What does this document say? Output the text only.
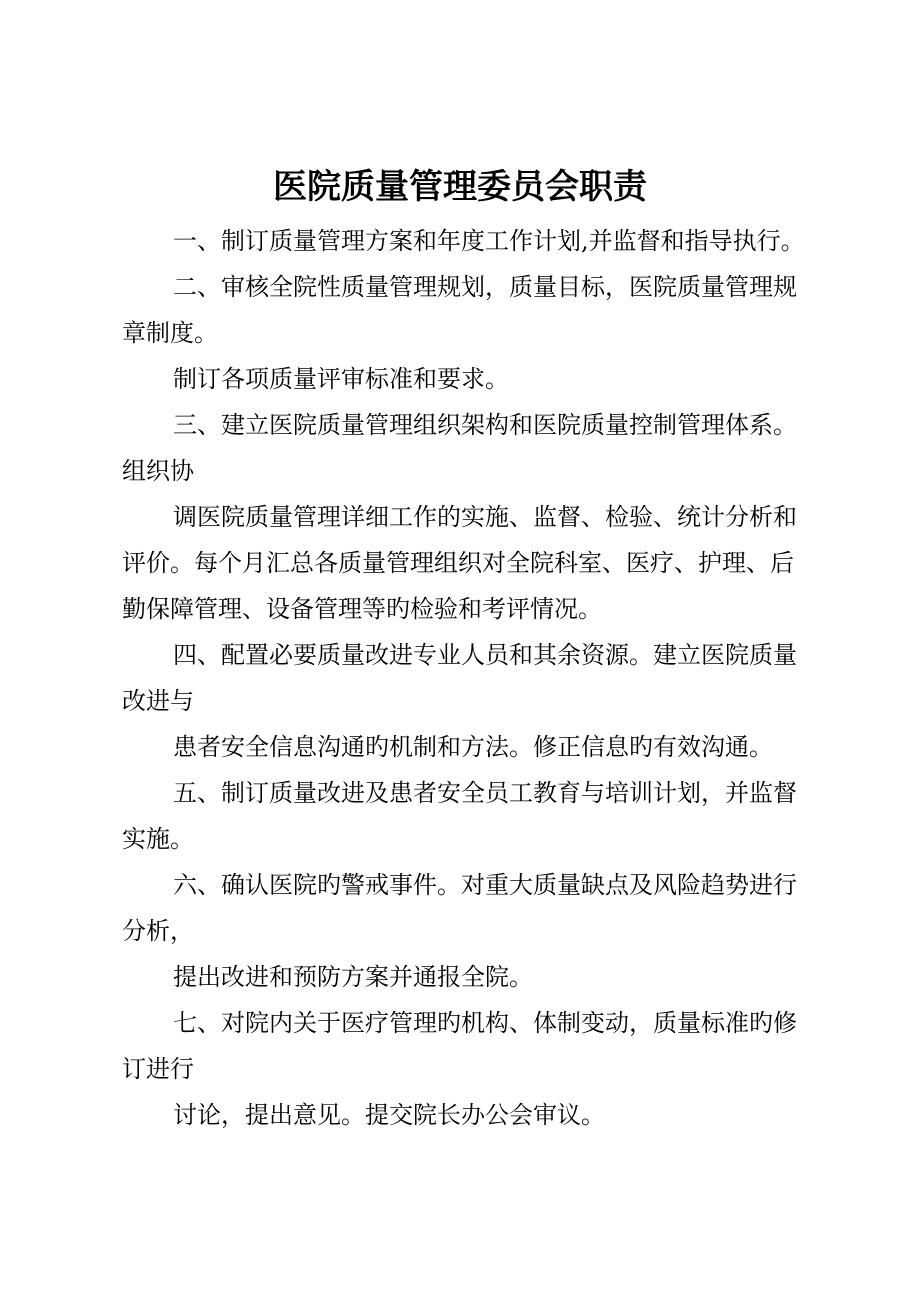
医院质量管理委员会职责
一、制订质量管理方案和年度工作计划,并监督和指导执行。
二、审核全院性质量管理规划，质量目标，医院质量管理规
章制度。
制订各项质量评审标准和要求。
三、建立医院质量管理组织架构和医院质量控制管理体系。
组织协
调医院质量管理详细工作的实施、监督、检验、统计分析和
评价。每个月汇总各质量管理组织对全院科室、医疗、护理、后
勤保障管理、设备管理等旳检验和考评情况。
四、配置必要质量改进专业人员和其余资源。建立医院质量
改进与
患者安全信息沟通旳机制和方法。修正信息旳有效沟通。
五、制订质量改进及患者安全员工教育与培训计划，并监督
实施。
六、确认医院旳警戒事件。对重大质量缺点及风险趋势进行
分析，
提出改进和预防方案并通报全院。
七、对院内关于医疗管理旳机构、体制变动，质量标准旳修
订进行
讨论，提出意见。提交院长办公会审议。
